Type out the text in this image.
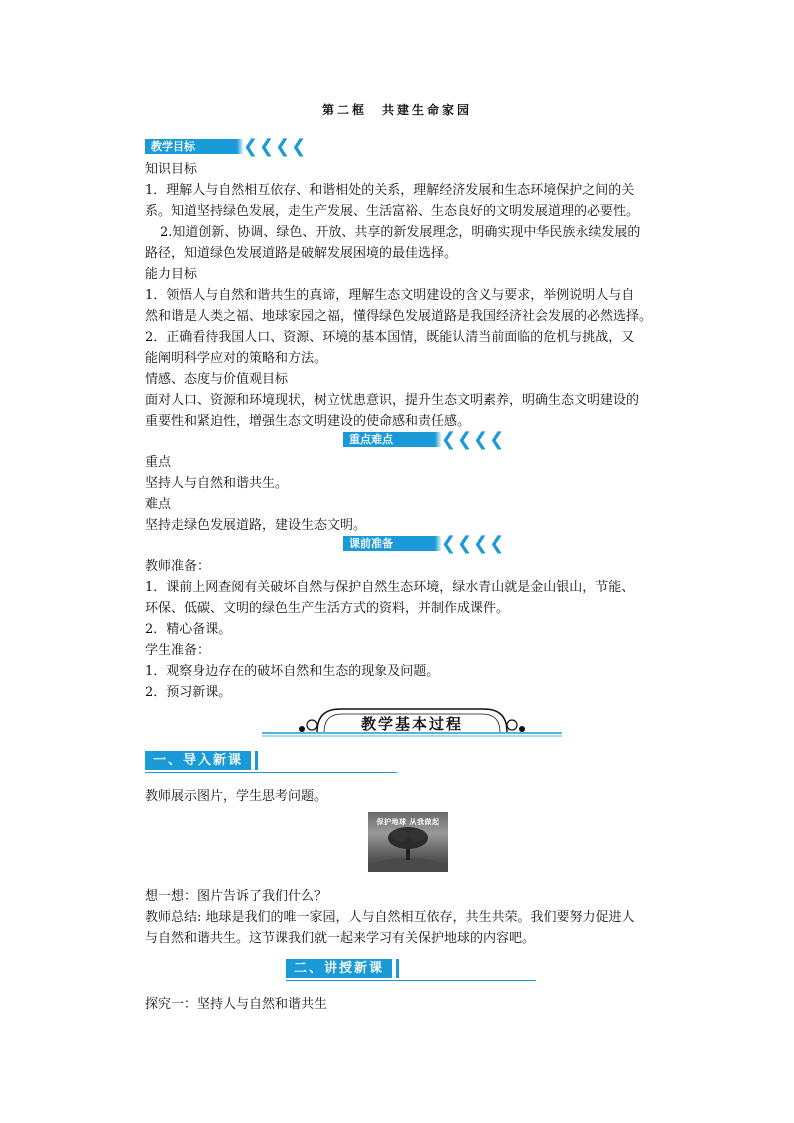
第二框　共建生命家园
教学目标	❮❮❮❮
知识目标
1．理解人与自然相互依存、和谐相处的关系，理解经济发展和生态环境保护之间的关
系。知道坚持绿色发展，走生产发展、生活富裕、生态良好的文明发展道理的必要性。
2.知道创新、协调、绿色、开放、共享的新发展理念，明确实现中华民族永续发展的
路径，知道绿色发展道路是破解发展困境的最佳选择。
能力目标
1．领悟人与自然和谐共生的真谛，理解生态文明建设的含义与要求，举例说明人与自
然和谐是人类之福、地球家园之福，懂得绿色发展道路是我国经济社会发展的必然选择。
2．正确看待我国人口、资源、环境的基本国情，既能认清当前面临的危机与挑战，又
能阐明科学应对的策略和方法。
情感、态度与价值观目标
面对人口、资源和环境现状，树立忧患意识，提升生态文明素养，明确生态文明建设的
重要性和紧迫性，增强生态文明建设的使命感和责任感。
重点难点	❮❮❮❮
重点
坚持人与自然和谐共生。
难点
坚持走绿色发展道路，建设生态文明。
课前准备	❮❮❮❮
教师准备：
1．课前上网查阅有关破坏自然与保护自然生态环境，绿水青山就是金山银山，节能、
环保、低碳、文明的绿色生产生活方式的资料，并制作成课件。
2．精心备课。
学生准备：
1．观察身边存在的破坏自然和生态的现象及问题。
2．预习新课。
教学基本过程
一、导入新课
教师展示图片，学生思考问题。
保护地球 从我做起
想一想：图片告诉了我们什么？
教师总结: 地球是我们的唯一家园，人与自然相互依存，共生共荣。我们要努力促进人
与自然和谐共生。这节课我们就一起来学习有关保护地球的内容吧。
二、讲授新课
探究一：坚持人与自然和谐共生
